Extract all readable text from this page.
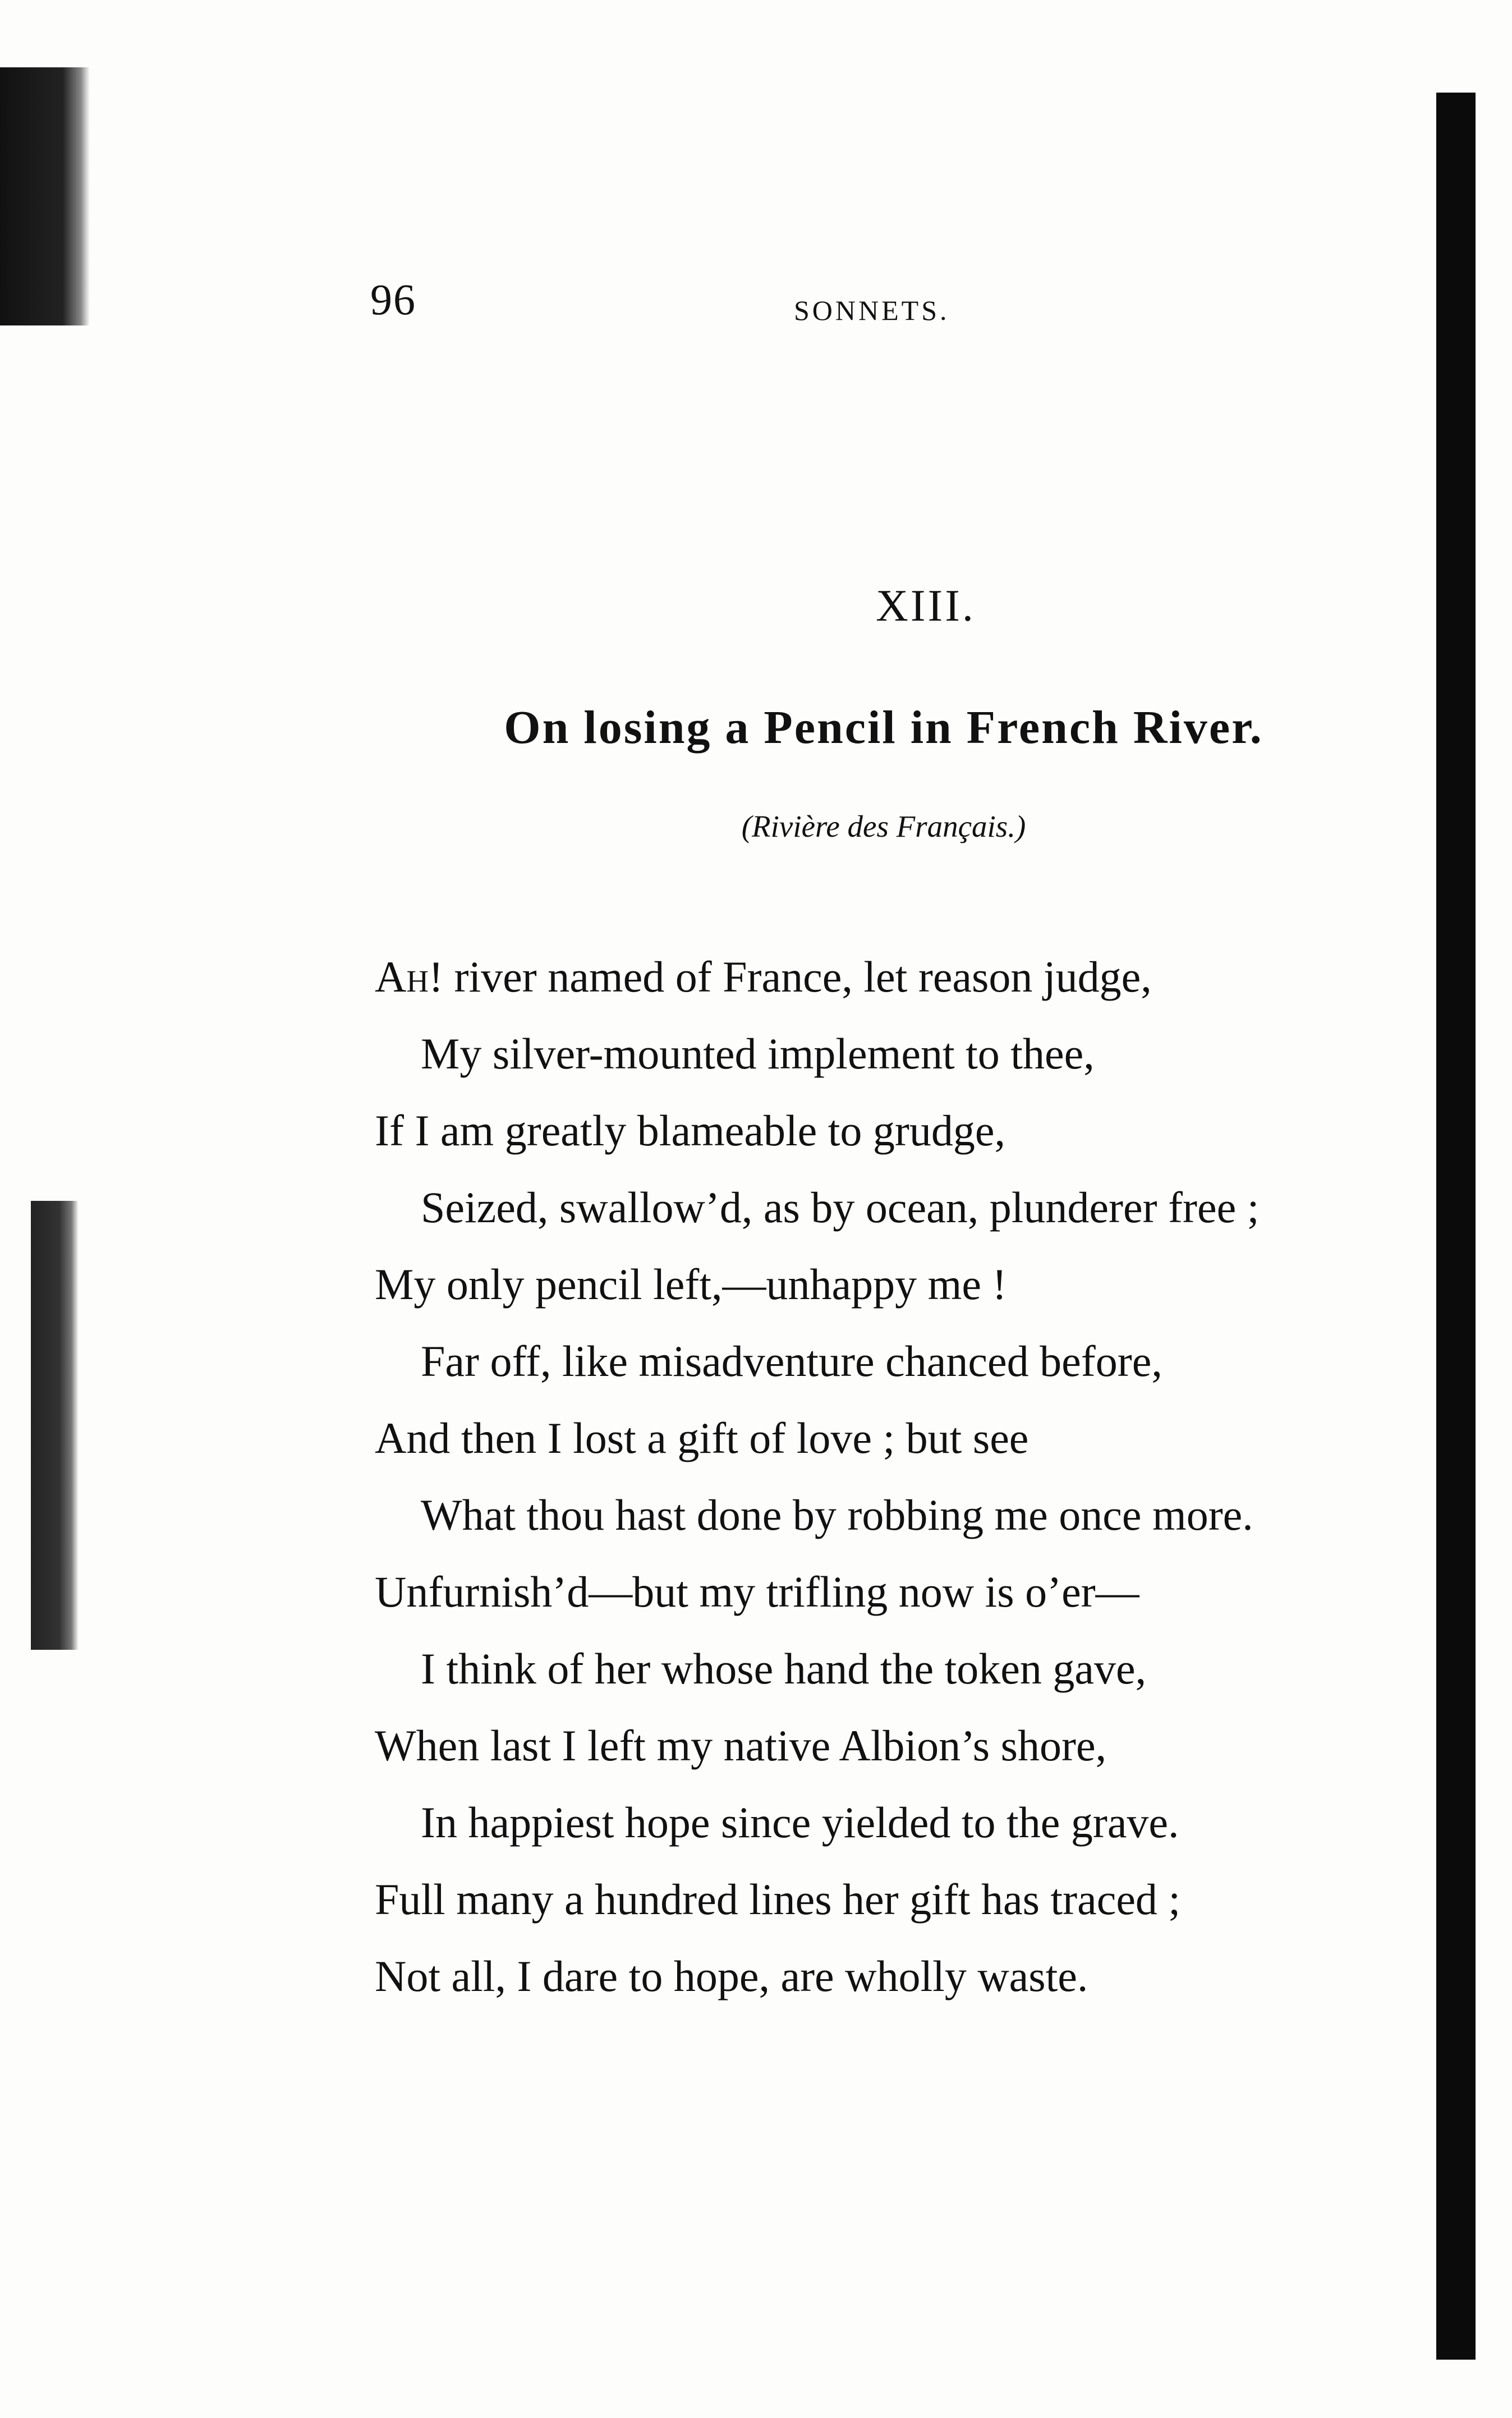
96	SONNETS.
XIII.
On losing a Pencil in French River.
(Rivière des Français.)
Ah! river named of France, let reason judge,
My silver-mounted implement to thee,
If I am greatly blameable to grudge,
Seized, swallow’d, as by ocean, plunderer free ;
My only pencil left,—unhappy me !
Far off, like misadventure chanced before,
And then I lost a gift of love ; but see
What thou hast done by robbing me once more.
Unfurnish’d—but my trifling now is o’er—
I think of her whose hand the token gave,
When last I left my native Albion’s shore,
In happiest hope since yielded to the grave.
Full many a hundred lines her gift has traced ;
Not all, I dare to hope, are wholly waste.
